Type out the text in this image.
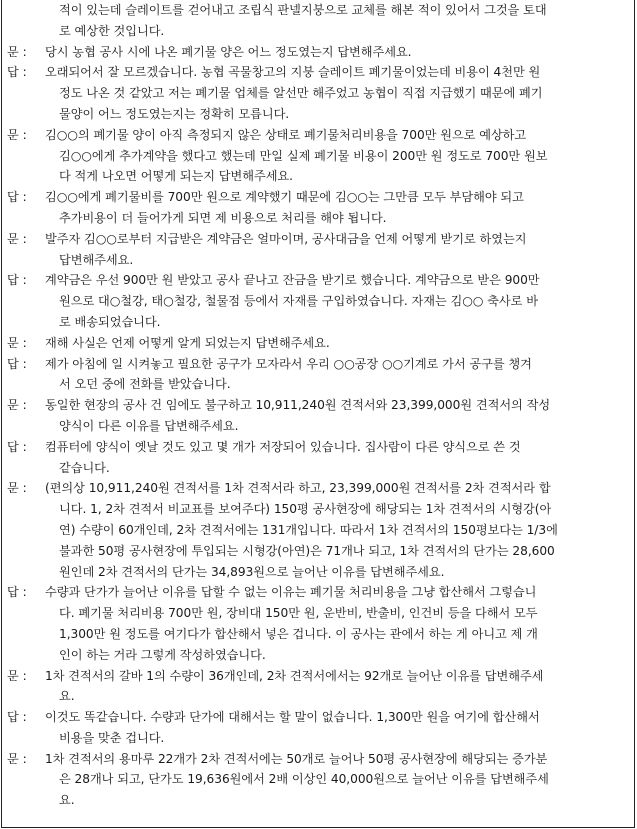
적이 있는데 슬레이트를 걷어내고 조립식 판넬지붕으로 교체를 해본 적이 있어서 그것을 토대
로 예상한 것입니다.
문 :	당시 농협 공사 시에 나온 폐기물 양은 어느 정도였는지 답변해주세요.
답 :	오래되어서 잘 모르겠습니다. 농협 곡물창고의 지붕 슬레이트 폐기물이었는데 비용이 4천만 원
정도 나온 것 같았고 저는 폐기물 업체를 알선만 해주었고 농협이 직접 지급했기 때문에 폐기
물양이 어느 정도였는지는 정확히 모릅니다.
문 :	김○○의 폐기물 양이 아직 측정되지 않은 상태로 폐기물처리비용을 700만 원으로 예상하고
김○○에게 추가계약을 했다고 했는데 만일 실제 폐기물 비용이 200만 원 정도로 700만 원보
다 적게 나오면 어떻게 되는지 답변해주세요.
답 :	김○○에게 폐기물비를 700만 원으로 계약했기 때문에 김○○는 그만큼 모두 부담해야 되고
추가비용이 더 들어가게 되면 제 비용으로 처리를 해야 됩니다.
문 :	발주자 김○○로부터 지급받은 계약금은 얼마이며, 공사대금을 언제 어떻게 받기로 하였는지
답변해주세요.
답 :	계약금은 우선 900만 원 받았고 공사 끝나고 잔금을 받기로 했습니다. 계약금으로 받은 900만
원으로 대○철강, 태○철강, 철물점 등에서 자재를 구입하였습니다. 자재는 김○○ 축사로 바
로 배송되었습니다.
문 :	재해 사실은 언제 어떻게 알게 되었는지 답변해주세요.
답 :	제가 아침에 일 시켜놓고 필요한 공구가 모자라서 우리 ○○공장 ○○기계로 가서 공구를 챙겨
서 오던 중에 전화를 받았습니다.
문 :	동일한 현장의 공사 건 임에도 불구하고 10,911,240원 견적서와 23,399,000원 견적서의 작성
양식이 다른 이유를 답변해주세요.
답 :	컴퓨터에 양식이 옛날 것도 있고 몇 개가 저장되어 있습니다. 집사람이 다른 양식으로 쓴 것
같습니다.
문 :	(편의상 10,911,240원 견적서를 1차 견적서라 하고, 23,399,000원 견적서를 2차 견적서라 합
니다. 1, 2차 견적서 비교표를 보여주다) 150평 공사현장에 해당되는 1차 견적서의 시형강(아
연) 수량이 60개인데, 2차 견적서에는 131개입니다. 따라서 1차 견적서의 150평보다는 1/3에
불과한 50평 공사현장에 투입되는 시형강(아연)은 71개나 되고, 1차 견적서의 단가는 28,600
원인데 2차 견적서의 단가는 34,893원으로 늘어난 이유를 답변해주세요.
답 :	수량과 단가가 늘어난 이유를 답할 수 없는 이유는 폐기물 처리비용을 그냥 합산해서 그렇습니
다. 폐기물 처리비용 700만 원, 장비대 150만 원, 운반비, 반출비, 인건비 등을 다해서 모두
1,300만 원 정도를 여기다가 합산해서 넣은 겁니다. 이 공사는 관에서 하는 게 아니고 제 개
인이 하는 거라 그렇게 작성하였습니다.
문 :	1차 견적서의 갈바 1의 수량이 36개인데, 2차 견적서에서는 92개로 늘어난 이유를 답변해주세
요.
답 :	이것도 똑같습니다. 수량과 단가에 대해서는 할 말이 없습니다. 1,300만 원을 여기에 합산해서
비용을 맞춘 겁니다.
문 :	1차 견적서의 용마루 22개가 2차 견적서에는 50개로 늘어나 50평 공사현장에 해당되는 증가분
은 28개나 되고, 단가도 19,636원에서 2배 이상인 40,000원으로 늘어난 이유를 답변해주세
요.
